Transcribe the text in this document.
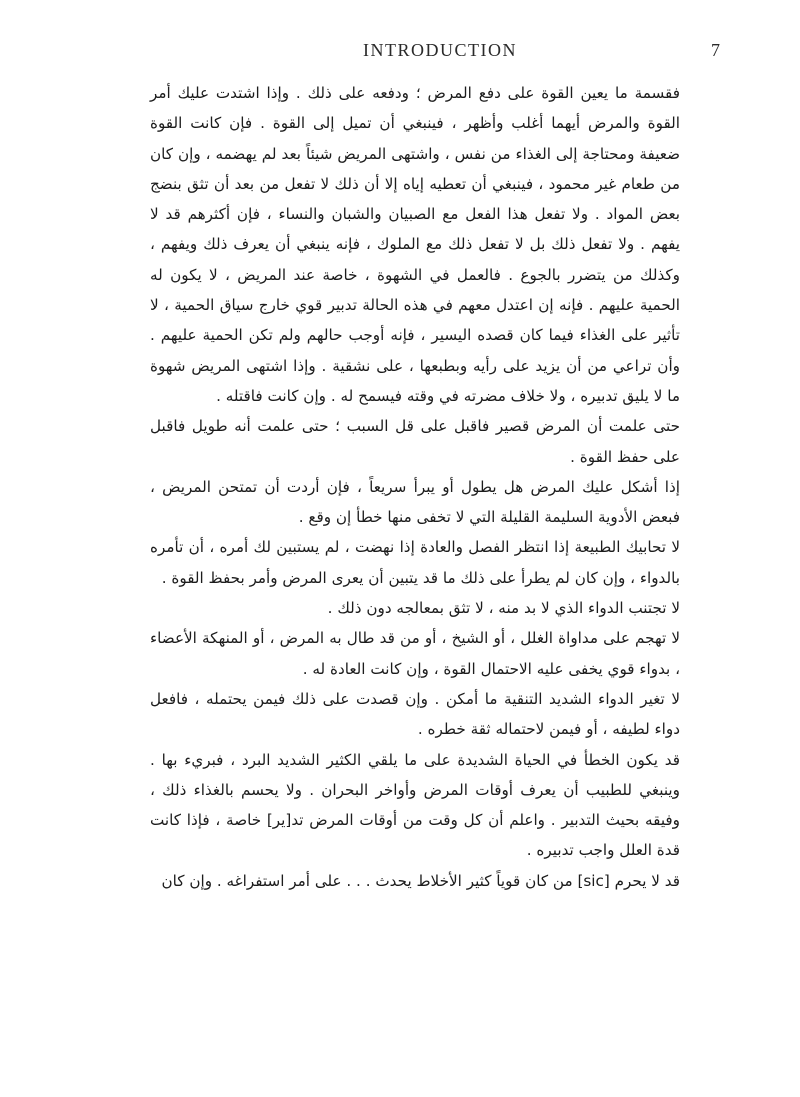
INTRODUCTION	7

فقسمة ما يعين القوة على دفع المرض ؛ ودفعه على ذلك . وإذا اشتدت عليك أمر القوة والمرض أيهما أغلب وأظهر ، فينبغي أن تميل إلى القوة . فإن كانت القوة ضعيفة ومحتاجة إلى الغذاء من نفس ، واشتهى المريض شيئاً بعد لم يهضمه ، وإن كان من طعام غير محمود ، فينبغي أن تعطيه إياه إلا أن ذلك لا تفعل من بعد أن تثق بنضج بعض المواد . ولا تفعل هذا الفعل مع الصبيان والشبان والنساء ، فإن أكثرهم قد لا يفهم . ولا تفعل ذلك بل لا تفعل ذلك مع الملوك ، فإنه ينبغي أن يعرف ذلك ويفهم ، وكذلك من يتضرر بالجوع . فالعمل في الشهوة ، خاصة عند المريض ، لا يكون له الحمية عليهم . فإنه إن اعتدل معهم في هذه الحالة تدبير قوي خارج سياق الحمية ، لا تأثير على الغذاء فيما كان قصده اليسير ، فإنه أوجب حالهم ولم تكن الحمية عليهم . وأن تراعي من أن يزيد على رأيه وبطبعها ، على نشقية . وإذا اشتهى المريض شهوة ما لا يليق تدبيره ، ولا خلاف مضرته في وقته فيسمح له . وإن كانت فاقتله .

حتى علمت أن المرض قصير فاقبل على قل السبب ؛ حتى علمت أنه طويل فاقبل على حفظ القوة .

إذا أشكل عليك المرض هل يطول أو يبرأ سريعاً ، فإن أردت أن تمتحن المريض ، فبعض الأدوية السليمة القليلة التي لا تخفى منها خطأ إن وقع .

لا تحابيك الطبيعة إذا انتظر الفصل والعادة إذا نهضت ، لم يستبين لك أمره ، أن تأمره بالدواء ، وإن كان لم يطرأ على ذلك ما قد يتبين أن يعرى المرض وأمر بحفظ القوة .

لا تجتنب الدواء الذي لا بد منه ، لا تثق بمعالجه دون ذلك .

لا تهجم على مداواة الغلل ، أو الشيخ ، أو من قد طال به المرض ، أو المنهكة الأعضاء ، بدواء قوي يخفى عليه الاحتمال القوة ، وإن كانت العادة له .

لا تغير الدواء الشديد التنقية ما أمكن . وإن قصدت على ذلك فيمن يحتمله ، فافعل دواء لطيفه ، أو فيمن لاحتماله ثقة خطره .

قد يكون الخطأ في الحياة الشديدة على ما يلقي الكثير الشديد البرد ، فبريء بها . وينبغي للطبيب أن يعرف أوقات المرض وأواخر البحران . ولا يحسم بالغذاء ذلك ، وفيقه بحيث التدبير . واعلم أن كل وقت من أوقات المرض تد[ير] خاصة ، فإذا كانت قدة العلل واجب تدبيره .

قد لا يحرم [sic] من كان قوياً كثير الأخلاط يحدث . . . على أمر استفراغه . وإن كان
